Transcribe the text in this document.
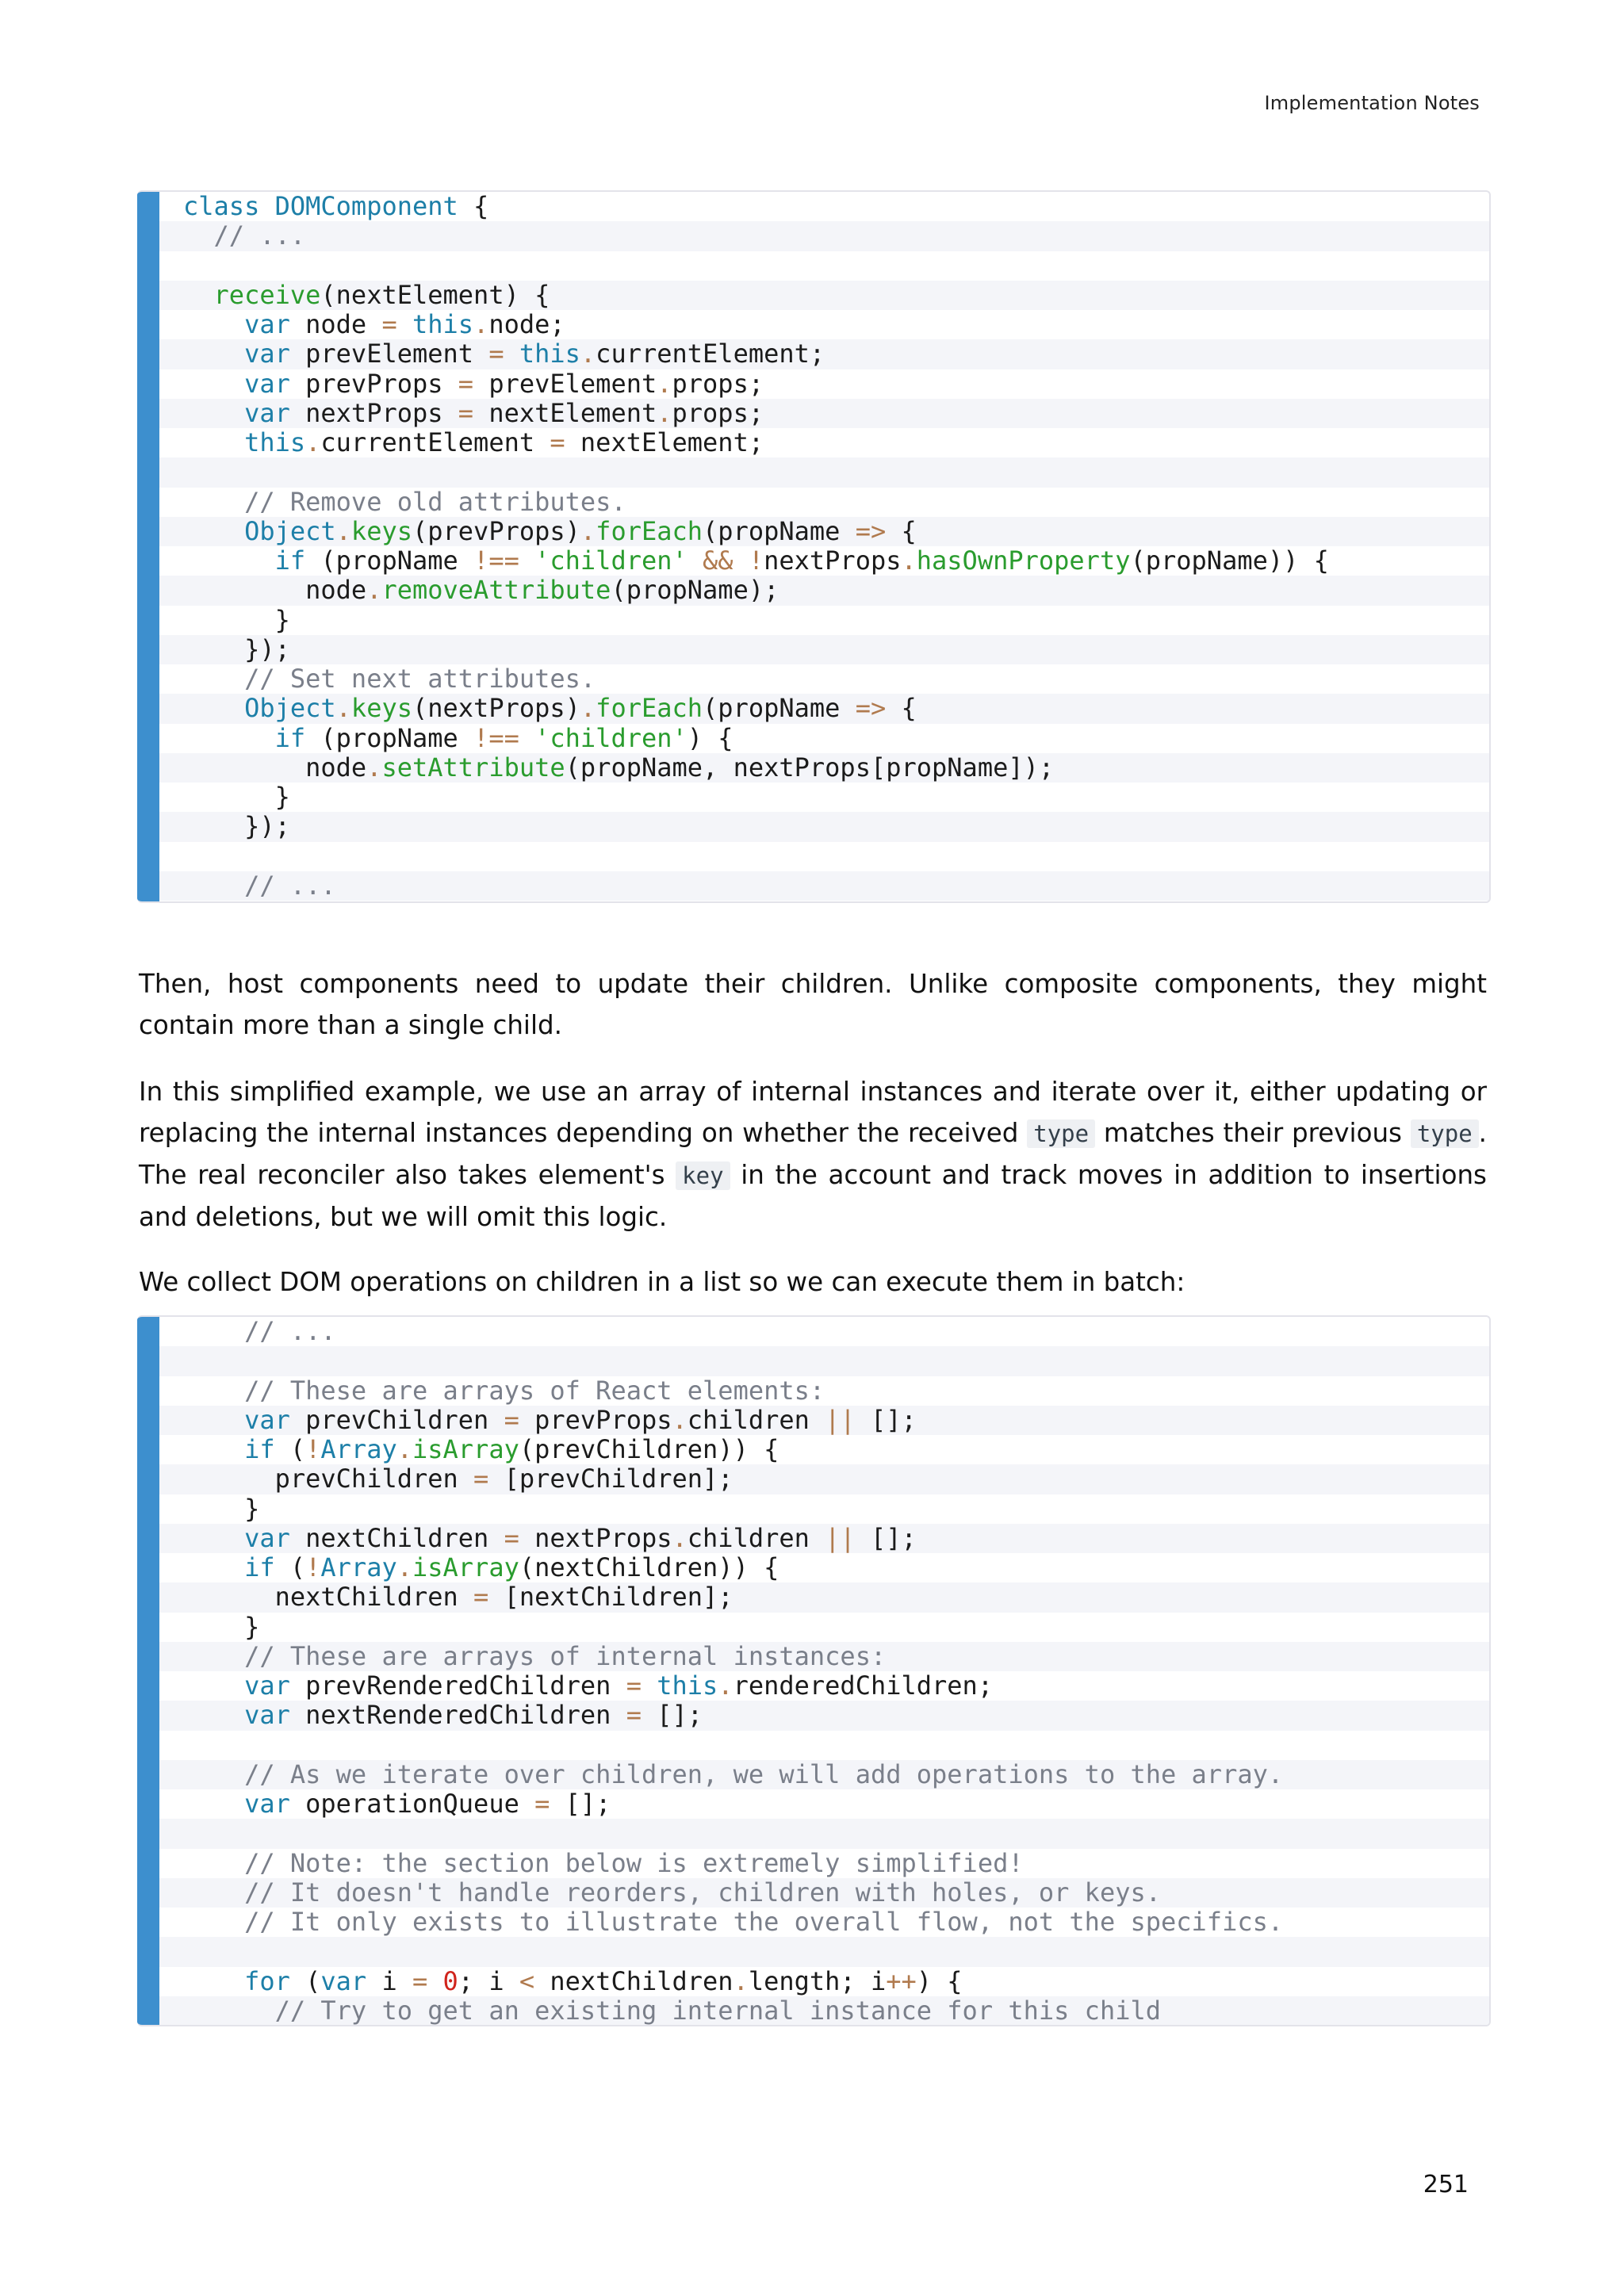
Implementation Notes
class DOMComponent {
// ...
receive(nextElement) {
var node = this.node;
var prevElement = this.currentElement;
var prevProps = prevElement.props;
var nextProps = nextElement.props;
this.currentElement = nextElement;
// Remove old attributes.
Object.keys(prevProps).forEach(propName => {
if (propName !== 'children' && !nextProps.hasOwnProperty(propName)) {
node.removeAttribute(propName);
}
});
// Set next attributes.
Object.keys(nextProps).forEach(propName => {
if (propName !== 'children') {
node.setAttribute(propName, nextProps[propName]);
}
});
// ...

Then, host components need to update their children. Unlike composite components, they might contain more than a single child.

In this simplified example, we use an array of internal instances and iterate over it, either updating or replacing the internal instances depending on whether the received type matches their previous type . The real reconciler also takes element's key in the account and track moves in addition to insertions and deletions, but we will omit this logic.

We collect DOM operations on children in a list so we can execute them in batch:

// ...
// These are arrays of React elements:
var prevChildren = prevProps.children || [];
if (!Array.isArray(prevChildren)) {
prevChildren = [prevChildren];
}
var nextChildren = nextProps.children || [];
if (!Array.isArray(nextChildren)) {
nextChildren = [nextChildren];
}
// These are arrays of internal instances:
var prevRenderedChildren = this.renderedChildren;
var nextRenderedChildren = [];
// As we iterate over children, we will add operations to the array.
var operationQueue = [];
// Note: the section below is extremely simplified!
// It doesn't handle reorders, children with holes, or keys.
// It only exists to illustrate the overall flow, not the specifics.
for (var i = 0; i < nextChildren.length; i++) {
// Try to get an existing internal instance for this child
251
